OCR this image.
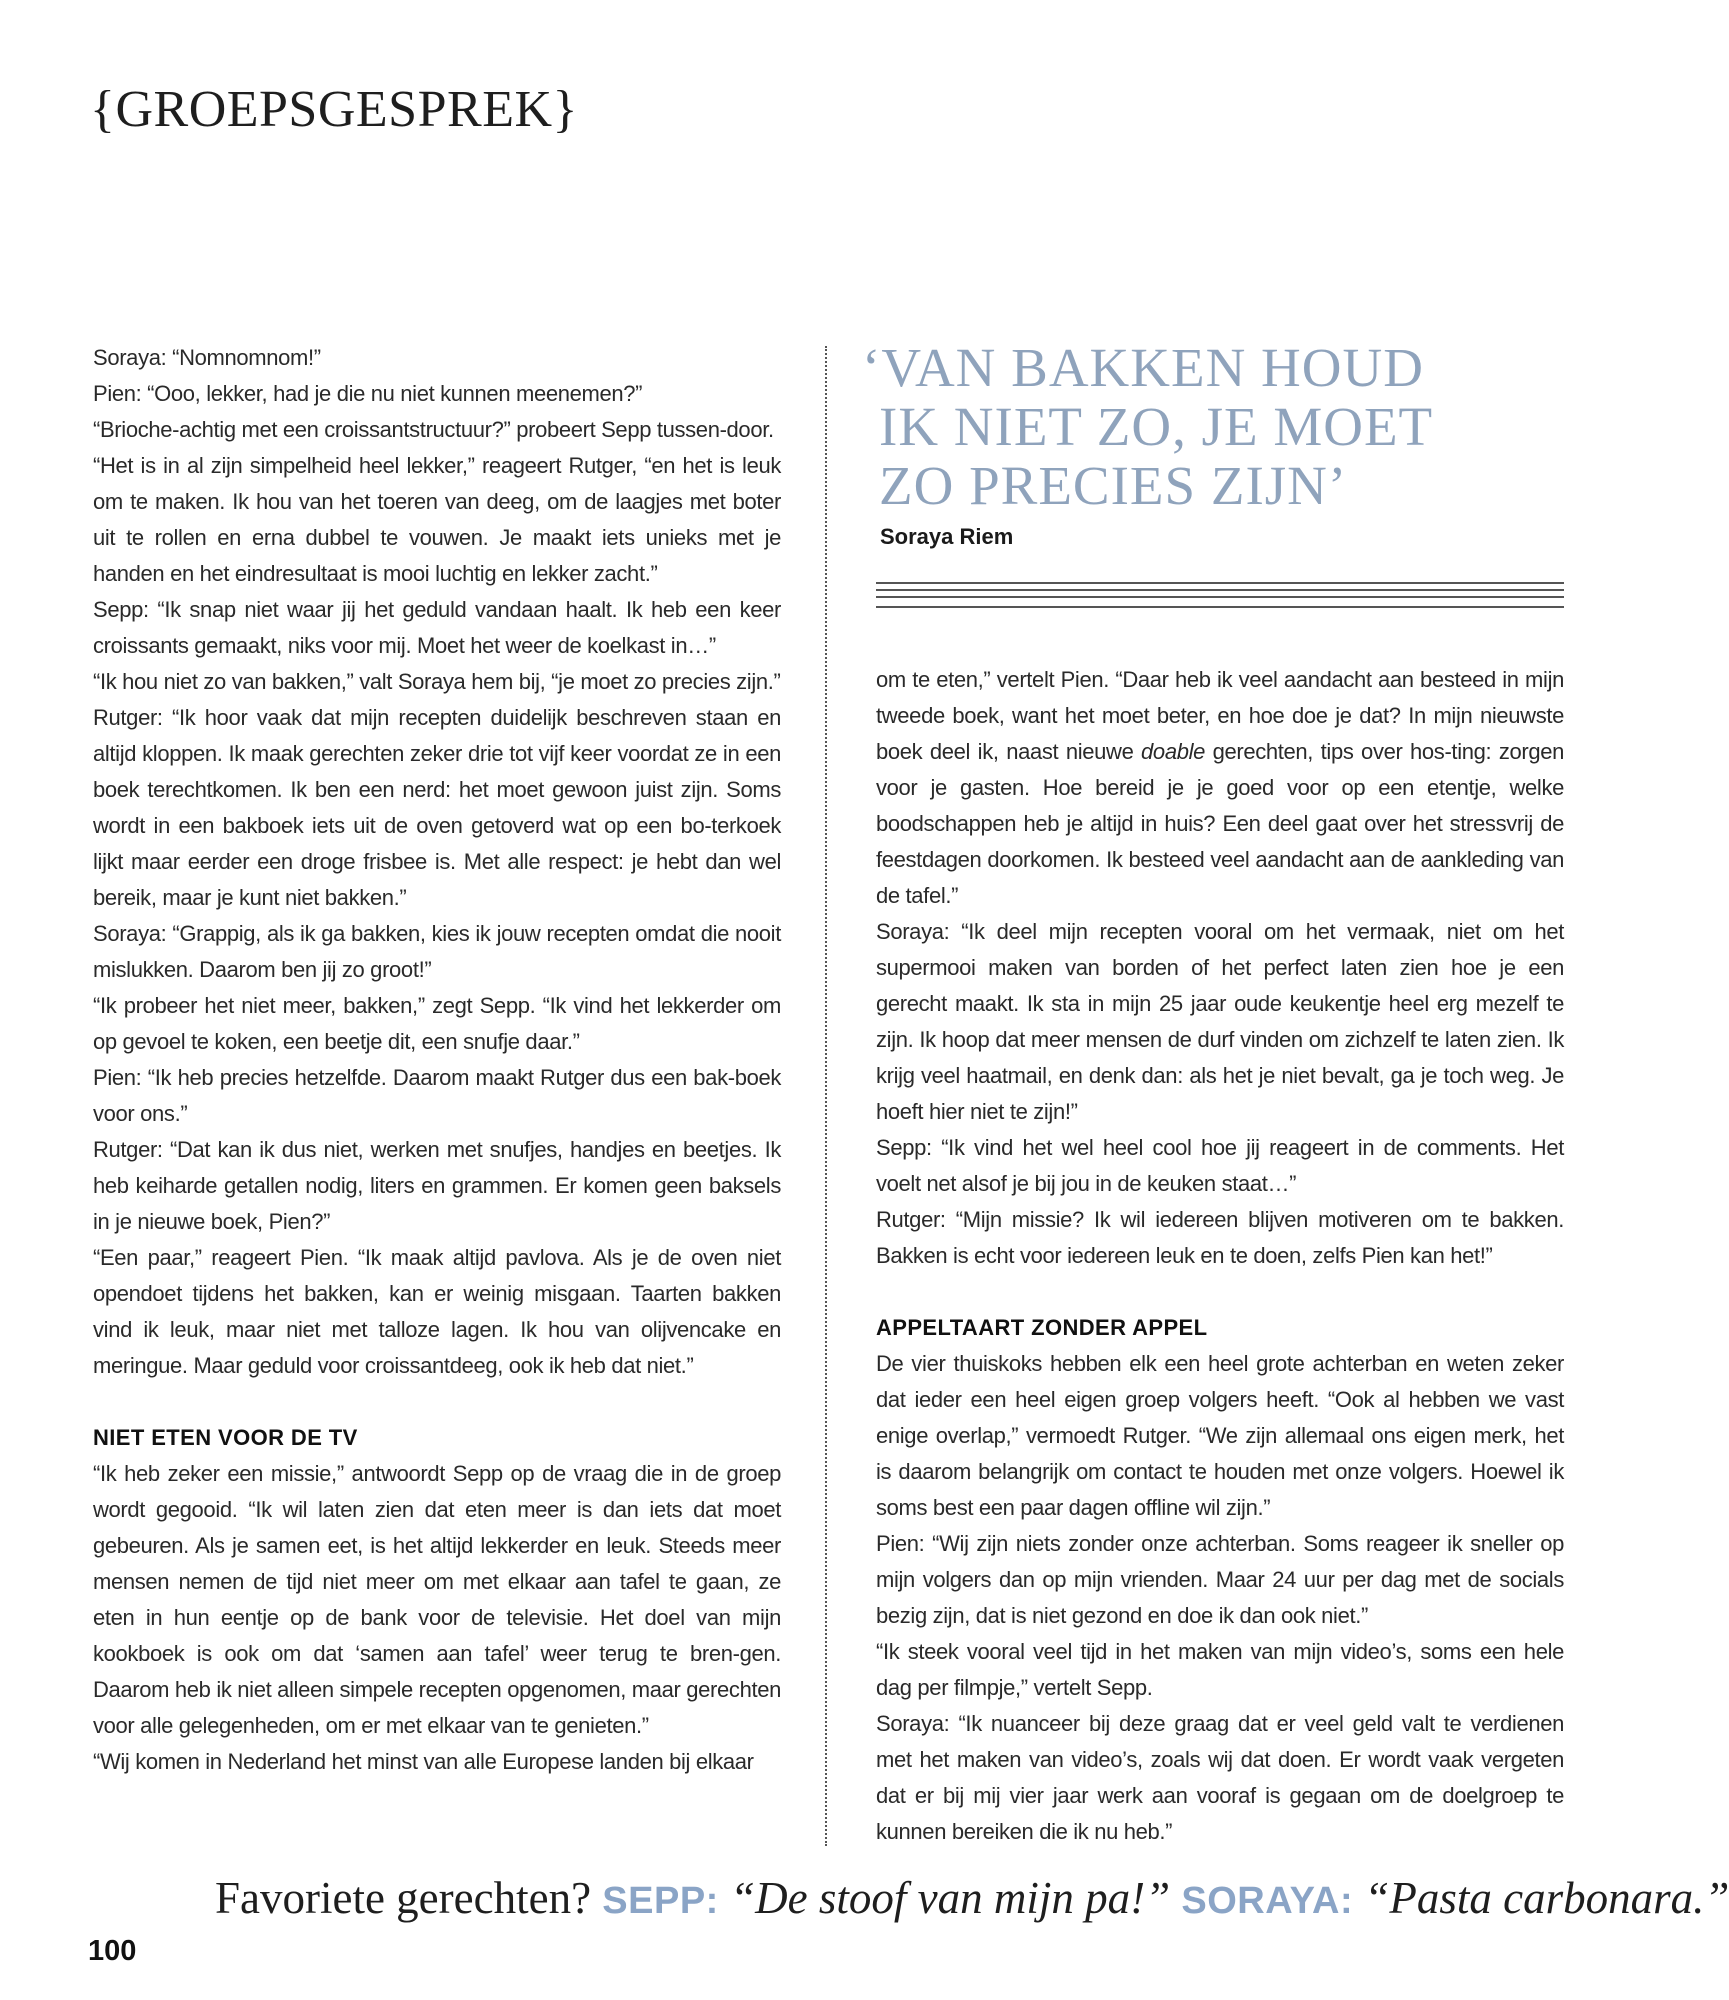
{GROEPSGESPREK}

Soraya: “Nomnomnom!”

Pien: “Ooo, lekker, had je die nu niet kunnen meenemen?”

“Brioche-achtig met een croissantstructuur?” probeert Sepp tussen-door.

“Het is in al zijn simpelheid heel lekker,” reageert Rutger, “en het is leuk om te maken. Ik hou van het toeren van deeg, om de laagjes met boter uit te rollen en erna dubbel te vouwen. Je maakt iets unieks met je handen en het eindresultaat is mooi luchtig en lekker zacht.”

Sepp: “Ik snap niet waar jij het geduld vandaan haalt. Ik heb een keer croissants gemaakt, niks voor mij. Moet het weer de koelkast in…”

“Ik hou niet zo van bakken,” valt Soraya hem bij, “je moet zo precies zijn.”

Rutger: “Ik hoor vaak dat mijn recepten duidelijk beschreven staan en altijd kloppen. Ik maak gerechten zeker drie tot vijf keer voordat ze in een boek terechtkomen. Ik ben een nerd: het moet gewoon juist zijn. Soms wordt in een bakboek iets uit de oven getoverd wat op een bo-terkoek lijkt maar eerder een droge frisbee is. Met alle respect: je hebt dan wel bereik, maar je kunt niet bakken.”

Soraya: “Grappig, als ik ga bakken, kies ik jouw recepten omdat die nooit mislukken. Daarom ben jij zo groot!”

“Ik probeer het niet meer, bakken,” zegt Sepp. “Ik vind het lekkerder om op gevoel te koken, een beetje dit, een snufje daar.”

Pien: “Ik heb precies hetzelfde. Daarom maakt Rutger dus een bak-boek voor ons.”

Rutger: “Dat kan ik dus niet, werken met snufjes, handjes en beetjes. Ik heb keiharde getallen nodig, liters en grammen. Er komen geen baksels in je nieuwe boek, Pien?”

“Een paar,” reageert Pien. “Ik maak altijd pavlova. Als je de oven niet opendoet tijdens het bakken, kan er weinig misgaan. Taarten bakken vind ik leuk, maar niet met talloze lagen. Ik hou van olijvencake en meringue. Maar geduld voor croissantdeeg, ook ik heb dat niet.”

NIET ETEN VOOR DE TV

“Ik heb zeker een missie,” antwoordt Sepp op de vraag die in de groep wordt gegooid. “Ik wil laten zien dat eten meer is dan iets dat moet gebeuren. Als je samen eet, is het altijd lekkerder en leuk. Steeds meer mensen nemen de tijd niet meer om met elkaar aan tafel te gaan, ze eten in hun eentje op de bank voor de televisie. Het doel van mijn kookboek is ook om dat ‘samen aan tafel’ weer terug te bren-gen. Daarom heb ik niet alleen simpele recepten opgenomen, maar gerechten voor alle gelegenheden, om er met elkaar van te genieten.”

“Wij komen in Nederland het minst van alle Europese landen bij elkaar

‘VAN BAKKEN HOUD
IK NIET ZO, JE MOET
ZO PRECIES ZIJN’
Soraya Riem

om te eten,” vertelt Pien. “Daar heb ik veel aandacht aan besteed in mijn tweede boek, want het moet beter, en hoe doe je dat? In mijn nieuwste boek deel ik, naast nieuwe doable gerechten, tips over hos-ting: zorgen voor je gasten. Hoe bereid je je goed voor op een etentje, welke boodschappen heb je altijd in huis? Een deel gaat over het stressvrij de feestdagen doorkomen. Ik besteed veel aandacht aan de aankleding van de tafel.”

Soraya: “Ik deel mijn recepten vooral om het vermaak, niet om het supermooi maken van borden of het perfect laten zien hoe je een gerecht maakt. Ik sta in mijn 25 jaar oude keukentje heel erg mezelf te zijn. Ik hoop dat meer mensen de durf vinden om zichzelf te laten zien. Ik krijg veel haatmail, en denk dan: als het je niet bevalt, ga je toch weg. Je hoeft hier niet te zijn!”

Sepp: “Ik vind het wel heel cool hoe jij reageert in de comments. Het voelt net alsof je bij jou in de keuken staat…”

Rutger: “Mijn missie? Ik wil iedereen blijven motiveren om te bakken. Bakken is echt voor iedereen leuk en te doen, zelfs Pien kan het!”

APPELTAART ZONDER APPEL

De vier thuiskoks hebben elk een heel grote achterban en weten zeker dat ieder een heel eigen groep volgers heeft. “Ook al hebben we vast enige overlap,” vermoedt Rutger. “We zijn allemaal ons eigen merk, het is daarom belangrijk om contact te houden met onze volgers. Hoewel ik soms best een paar dagen offline wil zijn.”

Pien: “Wij zijn niets zonder onze achterban. Soms reageer ik sneller op mijn volgers dan op mijn vrienden. Maar 24 uur per dag met de socials bezig zijn, dat is niet gezond en doe ik dan ook niet.”

“Ik steek vooral veel tijd in het maken van mijn video’s, soms een hele dag per filmpje,” vertelt Sepp.

Soraya: “Ik nuanceer bij deze graag dat er veel geld valt te verdienen met het maken van video’s, zoals wij dat doen. Er wordt vaak vergeten dat er bij mij vier jaar werk aan vooraf is gegaan om de doelgroep te kunnen bereiken die ik nu heb.”

Favoriete gerechten? SEPP: “De stoof van mijn pa!” SORAYA: “Pasta carbonara.”
100
